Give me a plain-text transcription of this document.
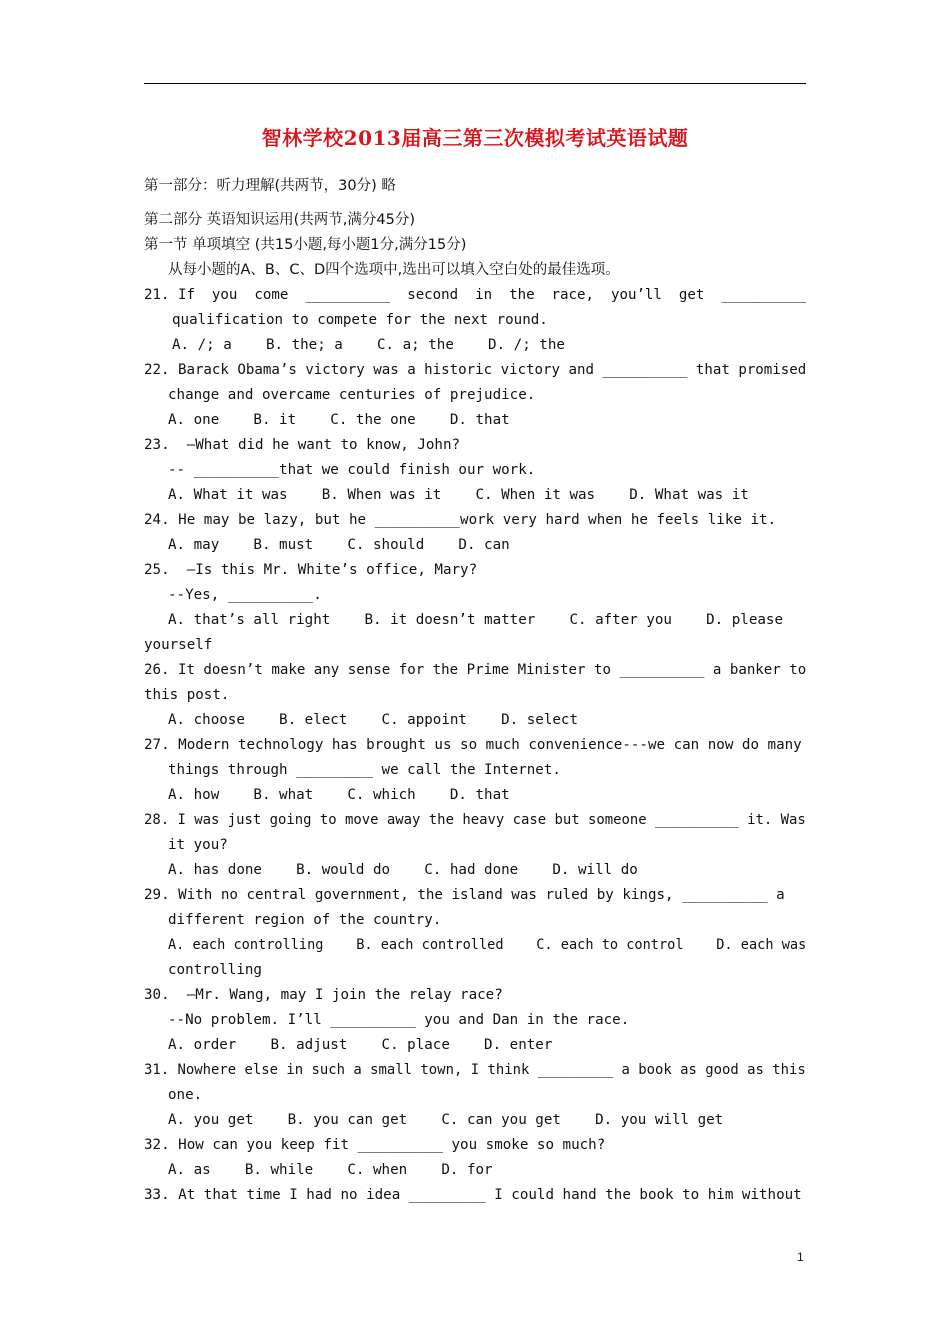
智林学校2013届高三第三次模拟考试英语试题
第一部分：听力理解(共两节，30分) 略
第二部分 英语知识运用(共两节,满分45分)
第一节 单项填空 (共15小题,每小题1分,满分15分)
从每小题的A、B、C、D四个选项中,选出可以填入空白处的最佳选项。
21. If  you  come  __________  second  in  the  race,  you’ll  get  __________
qualification to compete for the next round.
A. /; a    B. the; a    C. a; the    D. /; the
22. Barack Obama’s victory was a historic victory and __________ that promised
change and overcame centuries of prejudice.
A. one    B. it    C. the one    D. that
23.  –What did he want to know, John?
-- __________that we could finish our work.
A. What it was    B. When was it    C. When it was    D. What was it
24. He may be lazy, but he __________work very hard when he feels like it.
A. may    B. must    C. should    D. can
25.  –Is this Mr. White’s office, Mary?
--Yes, __________.
A. that’s all right    B. it doesn’t matter    C. after you    D. please
yourself
26. It doesn’t make any sense for the Prime Minister to __________ a banker to
this post.
A. choose    B. elect    C. appoint    D. select
27. Modern technology has brought us so much convenience---we can now do many
things through _________ we call the Internet.
A. how    B. what    C. which    D. that
28. I was just going to move away the heavy case but someone __________ it. Was
it you?
A. has done    B. would do    C. had done    D. will do
29. With no central government, the island was ruled by kings, __________ a
different region of the country.
A. each controlling    B. each controlled    C. each to control    D. each was
controlling
30.  –Mr. Wang, may I join the relay race?
--No problem. I’ll __________ you and Dan in the race.
A. order    B. adjust    C. place    D. enter
31. Nowhere else in such a small town, I think _________ a book as good as this
one.
A. you get    B. you can get    C. can you get    D. you will get
32. How can you keep fit __________ you smoke so much?
A. as    B. while    C. when    D. for
33. At that time I had no idea _________ I could hand the book to him without
1
